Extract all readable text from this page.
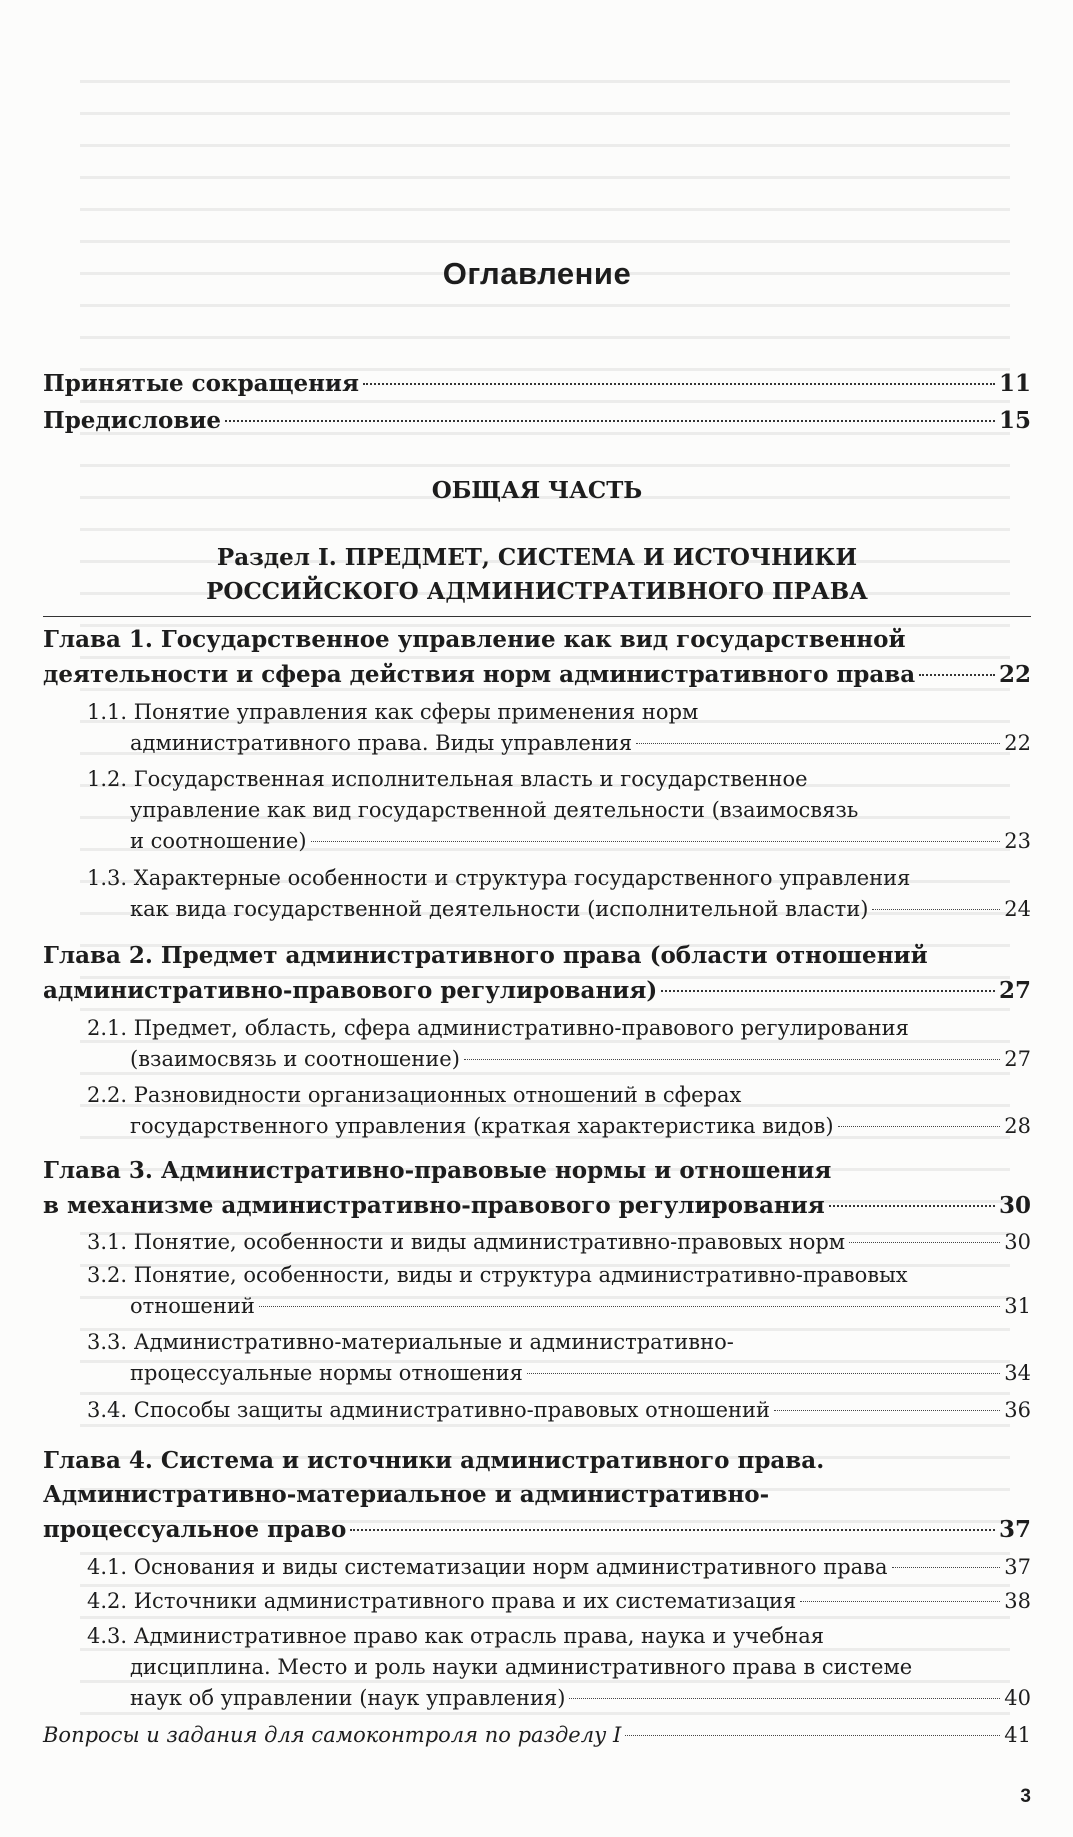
Оглавление
Принятые сокращения	11
Предисловие	15
ОБЩАЯ ЧАСТЬ
Раздел I. ПРЕДМЕТ, СИСТЕМА И ИСТОЧНИКИ
РОССИЙСКОГО АДМИНИСТРАТИВНОГО ПРАВА
Глава 1. Государственное управление как вид государственной
деятельности и сфера действия норм административного права	22
1.1. Понятие управления как сферы применения норм
административного права. Виды управления	22
1.2. Государственная исполнительная власть и государственное
управление как вид государственной деятельности (взаимосвязь
и соотношение)	23
1.3. Характерные особенности и структура государственного управления
как вида государственной деятельности (исполнительной власти)	24
Глава 2. Предмет административного права (области отношений
административно-правового регулирования)	27
2.1. Предмет, область, сфера административно-правового регулирования
(взаимосвязь и соотношение)	27
2.2. Разновидности организационных отношений в сферах
государственного управления (краткая характеристика видов)	28
Глава 3. Административно-правовые нормы и отношения
в механизме административно-правового регулирования	30
3.1. Понятие, особенности и виды административно-правовых норм	30
3.2. Понятие, особенности, виды и структура административно-правовых
отношений	31
3.3. Административно-материальные и административно-
процессуальные нормы отношения	34
3.4. Способы защиты административно-правовых отношений	36
Глава 4. Система и источники административного права.
Административно-материальное и административно-
процессуальное право	37
4.1. Основания и виды систематизации норм административного права	37
4.2. Источники административного права и их систематизация	38
4.3. Административное право как отрасль права, наука и учебная
дисциплина. Место и роль науки административного права в системе
наук об управлении (наук управления)	40
Вопросы и задания для самоконтроля по разделу I	41
3
